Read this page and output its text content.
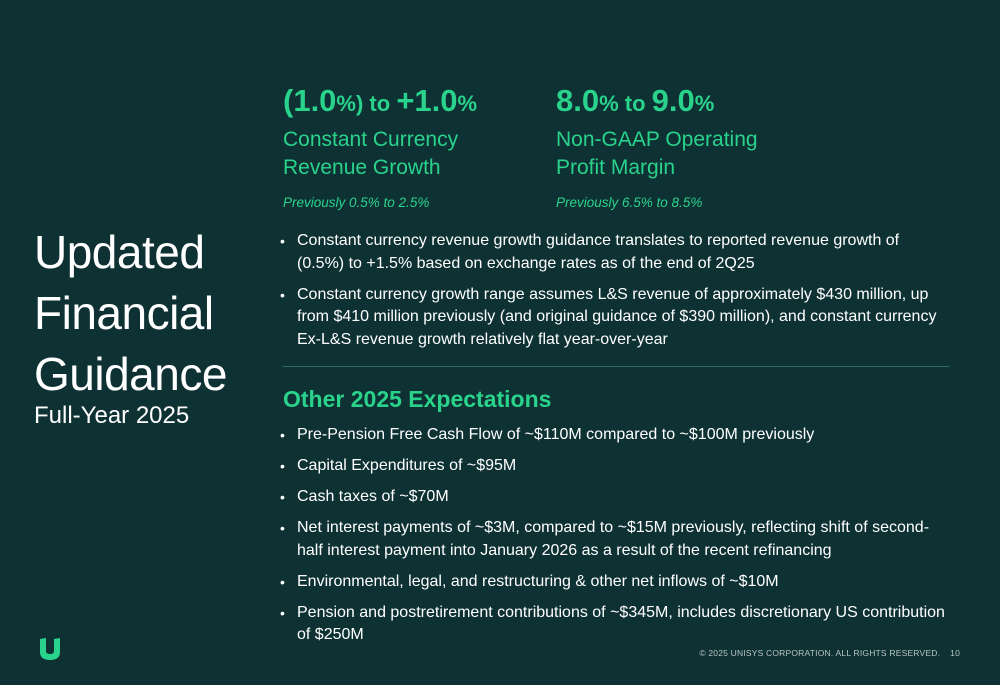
Updated
Financial
Guidance
Full-Year 2025
(1.0%) to +1.0%
Constant Currency
Revenue Growth
Previously 0.5% to 2.5%
8.0% to 9.0%
Non-GAAP Operating
Profit Margin
Previously 6.5% to 8.5%
• Constant currency revenue growth guidance translates to reported revenue growth of (0.5%) to +1.5% based on exchange rates as of the end of 2Q25
• Constant currency growth range assumes L&S revenue of approximately $430 million, up from $410 million previously (and original guidance of $390 million), and constant currency Ex-L&S revenue growth relatively flat year-over-year
Other 2025 Expectations
• Pre-Pension Free Cash Flow of ~$110M compared to ~$100M previously
• Capital Expenditures of ~$95M
• Cash taxes of ~$70M
• Net interest payments of ~$3M, compared to ~$15M previously, reflecting shift of second-half interest payment into January 2026 as a result of the recent refinancing
• Environmental, legal, and restructuring & other net inflows of ~$10M
• Pension and postretirement contributions of ~$345M, includes discretionary US contribution of $250M
© 2025 UNISYS CORPORATION. ALL RIGHTS RESERVED. 10
